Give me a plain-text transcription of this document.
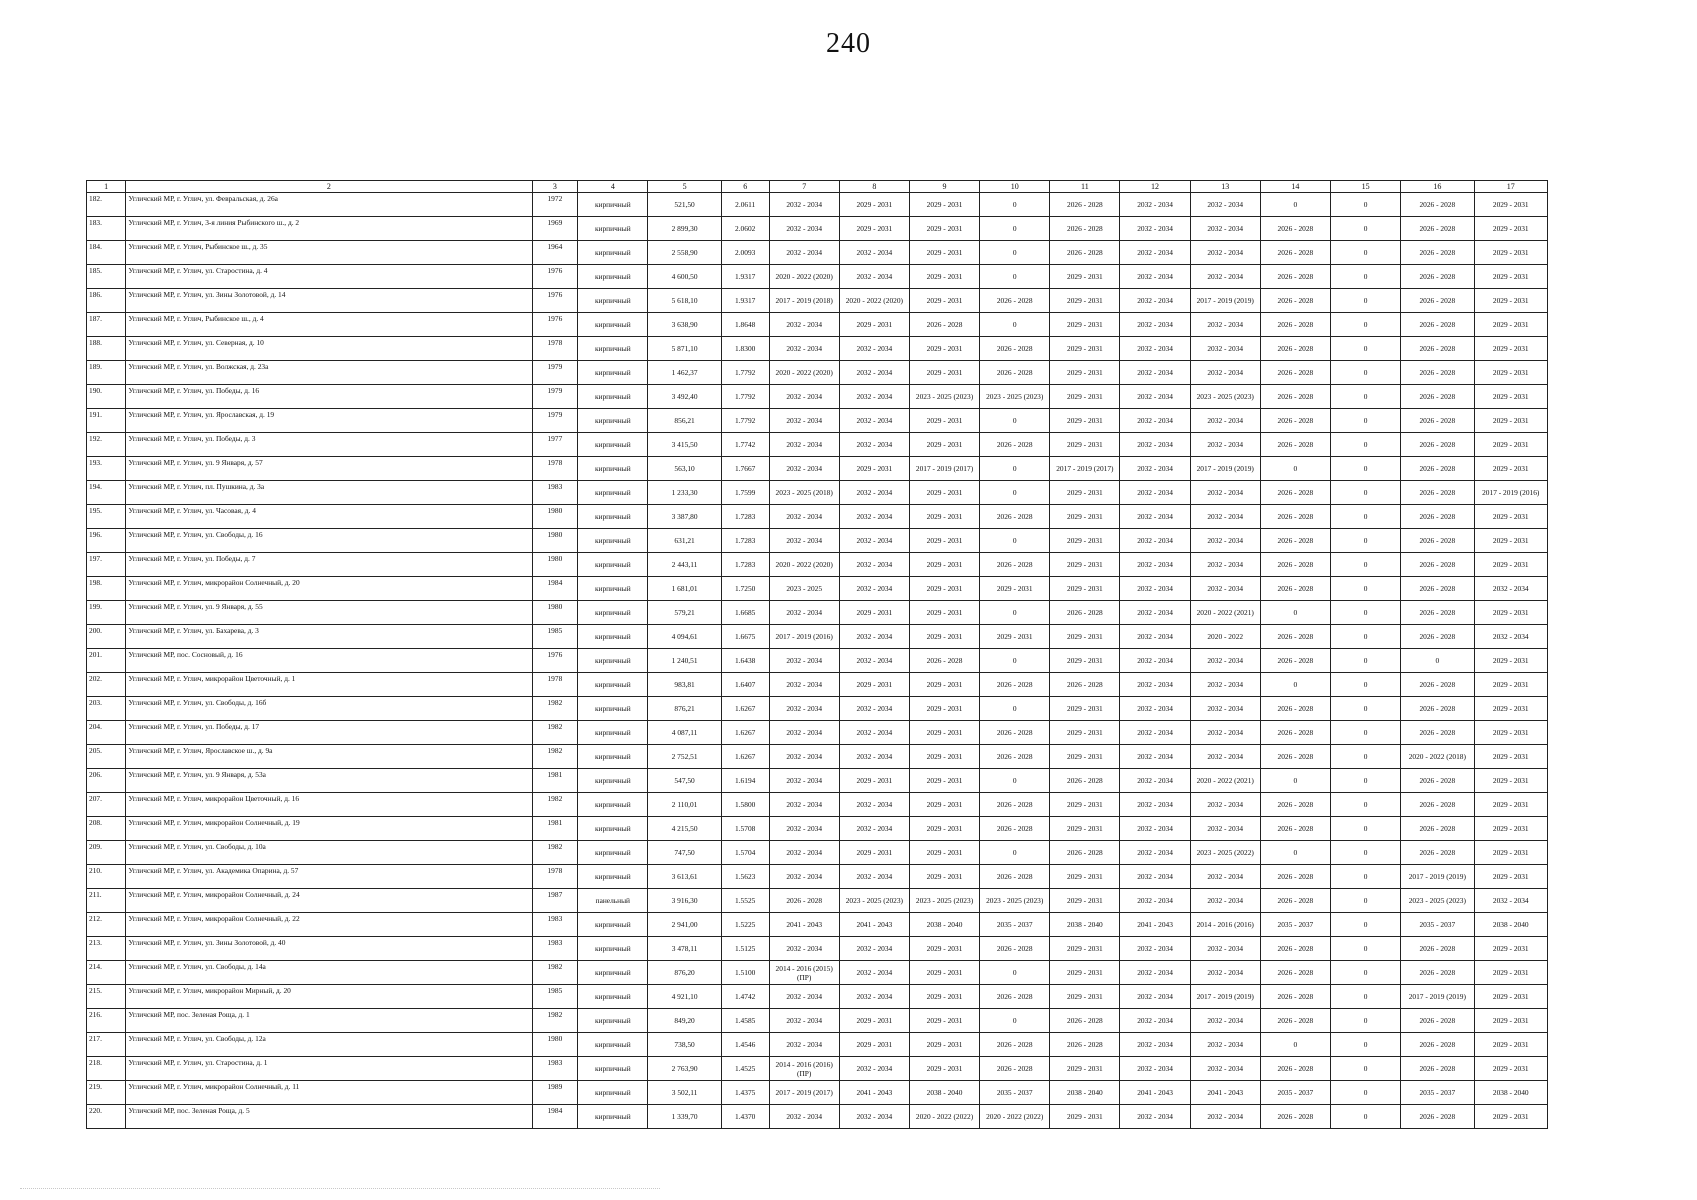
240
1	2	3	4	5	6	7	8	9	10	11	12	13	14	15	16	17
182.	Угличский МР, г. Углич, ул. Февральская, д. 26а	1972	кирпичный	521,50	2.0611	2032 - 2034	2029 - 2031	2029 - 2031	0	2026 - 2028	2032 - 2034	2032 - 2034	0	0	2026 - 2028	2029 - 2031
183.	Угличский МР, г. Углич, 3-я линия Рыбинского ш., д. 2	1969	кирпичный	2 899,30	2.0602	2032 - 2034	2029 - 2031	2029 - 2031	0	2026 - 2028	2032 - 2034	2032 - 2034	2026 - 2028	0	2026 - 2028	2029 - 2031
184.	Угличский МР, г. Углич, Рыбинское ш., д. 35	1964	кирпичный	2 558,90	2.0093	2032 - 2034	2032 - 2034	2029 - 2031	0	2026 - 2028	2032 - 2034	2032 - 2034	2026 - 2028	0	2026 - 2028	2029 - 2031
185.	Угличский МР, г. Углич, ул. Старостина, д. 4	1976	кирпичный	4 600,50	1.9317	2020 - 2022 (2020)	2032 - 2034	2029 - 2031	0	2029 - 2031	2032 - 2034	2032 - 2034	2026 - 2028	0	2026 - 2028	2029 - 2031
186.	Угличский МР, г. Углич, ул. Зины Золотовой, д. 14	1976	кирпичный	5 618,10	1.9317	2017 - 2019 (2018)	2020 - 2022 (2020)	2029 - 2031	2026 - 2028	2029 - 2031	2032 - 2034	2017 - 2019 (2019)	2026 - 2028	0	2026 - 2028	2029 - 2031
187.	Угличский МР, г. Углич, Рыбинское ш., д. 4	1976	кирпичный	3 638,90	1.8648	2032 - 2034	2029 - 2031	2026 - 2028	0	2029 - 2031	2032 - 2034	2032 - 2034	2026 - 2028	0	2026 - 2028	2029 - 2031
188.	Угличский МР, г. Углич, ул. Северная, д. 10	1978	кирпичный	5 871,10	1.8300	2032 - 2034	2032 - 2034	2029 - 2031	2026 - 2028	2029 - 2031	2032 - 2034	2032 - 2034	2026 - 2028	0	2026 - 2028	2029 - 2031
189.	Угличский МР, г. Углич, ул. Волжская, д. 23а	1979	кирпичный	1 462,37	1.7792	2020 - 2022 (2020)	2032 - 2034	2029 - 2031	2026 - 2028	2029 - 2031	2032 - 2034	2032 - 2034	2026 - 2028	0	2026 - 2028	2029 - 2031
190.	Угличский МР, г. Углич, ул. Победы, д. 16	1979	кирпичный	3 492,40	1.7792	2032 - 2034	2032 - 2034	2023 - 2025 (2023)	2023 - 2025 (2023)	2029 - 2031	2032 - 2034	2023 - 2025 (2023)	2026 - 2028	0	2026 - 2028	2029 - 2031
191.	Угличский МР, г. Углич, ул. Ярославская, д. 19	1979	кирпичный	856,21	1.7792	2032 - 2034	2032 - 2034	2029 - 2031	0	2029 - 2031	2032 - 2034	2032 - 2034	2026 - 2028	0	2026 - 2028	2029 - 2031
192.	Угличский МР, г. Углич, ул. Победы, д. 3	1977	кирпичный	3 415,50	1.7742	2032 - 2034	2032 - 2034	2029 - 2031	2026 - 2028	2029 - 2031	2032 - 2034	2032 - 2034	2026 - 2028	0	2026 - 2028	2029 - 2031
193.	Угличский МР, г. Углич, ул. 9 Января, д. 57	1978	кирпичный	563,10	1.7667	2032 - 2034	2029 - 2031	2017 - 2019 (2017)	0	2017 - 2019 (2017)	2032 - 2034	2017 - 2019 (2019)	0	0	2026 - 2028	2029 - 2031
194.	Угличский МР, г. Углич, пл. Пушкина, д. 3а	1983	кирпичный	1 233,30	1.7599	2023 - 2025 (2018)	2032 - 2034	2029 - 2031	0	2029 - 2031	2032 - 2034	2032 - 2034	2026 - 2028	0	2026 - 2028	2017 - 2019 (2016)
195.	Угличский МР, г. Углич, ул. Часовая, д. 4	1980	кирпичный	3 387,80	1.7283	2032 - 2034	2032 - 2034	2029 - 2031	2026 - 2028	2029 - 2031	2032 - 2034	2032 - 2034	2026 - 2028	0	2026 - 2028	2029 - 2031
196.	Угличский МР, г. Углич, ул. Свободы, д. 16	1980	кирпичный	631,21	1.7283	2032 - 2034	2032 - 2034	2029 - 2031	0	2029 - 2031	2032 - 2034	2032 - 2034	2026 - 2028	0	2026 - 2028	2029 - 2031
197.	Угличский МР, г. Углич, ул. Победы, д. 7	1980	кирпичный	2 443,11	1.7283	2020 - 2022 (2020)	2032 - 2034	2029 - 2031	2026 - 2028	2029 - 2031	2032 - 2034	2032 - 2034	2026 - 2028	0	2026 - 2028	2029 - 2031
198.	Угличский МР, г. Углич, микрорайон Солнечный, д. 20	1984	кирпичный	1 681,01	1.7250	2023 - 2025	2032 - 2034	2029 - 2031	2029 - 2031	2029 - 2031	2032 - 2034	2032 - 2034	2026 - 2028	0	2026 - 2028	2032 - 2034
199.	Угличский МР, г. Углич, ул. 9 Января, д. 55	1980	кирпичный	579,21	1.6685	2032 - 2034	2029 - 2031	2029 - 2031	0	2026 - 2028	2032 - 2034	2020 - 2022 (2021)	0	0	2026 - 2028	2029 - 2031
200.	Угличский МР, г. Углич, ул. Бахарева, д. 3	1985	кирпичный	4 094,61	1.6675	2017 - 2019 (2016)	2032 - 2034	2029 - 2031	2029 - 2031	2029 - 2031	2032 - 2034	2020 - 2022	2026 - 2028	0	2026 - 2028	2032 - 2034
201.	Угличский МР, пос. Сосновый, д. 16	1976	кирпичный	1 240,51	1.6438	2032 - 2034	2032 - 2034	2026 - 2028	0	2029 - 2031	2032 - 2034	2032 - 2034	2026 - 2028	0	0	2029 - 2031
202.	Угличский МР, г. Углич, микрорайон Цветочный, д. 1	1978	кирпичный	983,81	1.6407	2032 - 2034	2029 - 2031	2029 - 2031	2026 - 2028	2026 - 2028	2032 - 2034	2032 - 2034	0	0	2026 - 2028	2029 - 2031
203.	Угличский МР, г. Углич, ул. Свободы, д. 16б	1982	кирпичный	876,21	1.6267	2032 - 2034	2032 - 2034	2029 - 2031	0	2029 - 2031	2032 - 2034	2032 - 2034	2026 - 2028	0	2026 - 2028	2029 - 2031
204.	Угличский МР, г. Углич, ул. Победы, д. 17	1982	кирпичный	4 087,11	1.6267	2032 - 2034	2032 - 2034	2029 - 2031	2026 - 2028	2029 - 2031	2032 - 2034	2032 - 2034	2026 - 2028	0	2026 - 2028	2029 - 2031
205.	Угличский МР, г. Углич, Ярославское ш., д. 9а	1982	кирпичный	2 752,51	1.6267	2032 - 2034	2032 - 2034	2029 - 2031	2026 - 2028	2029 - 2031	2032 - 2034	2032 - 2034	2026 - 2028	0	2020 - 2022 (2018)	2029 - 2031
206.	Угличский МР, г. Углич, ул. 9 Января, д. 53а	1981	кирпичный	547,50	1.6194	2032 - 2034	2029 - 2031	2029 - 2031	0	2026 - 2028	2032 - 2034	2020 - 2022 (2021)	0	0	2026 - 2028	2029 - 2031
207.	Угличский МР, г. Углич, микрорайон Цветочный, д. 16	1982	кирпичный	2 110,01	1.5800	2032 - 2034	2032 - 2034	2029 - 2031	2026 - 2028	2029 - 2031	2032 - 2034	2032 - 2034	2026 - 2028	0	2026 - 2028	2029 - 2031
208.	Угличский МР, г. Углич, микрорайон Солнечный, д. 19	1981	кирпичный	4 215,50	1.5708	2032 - 2034	2032 - 2034	2029 - 2031	2026 - 2028	2029 - 2031	2032 - 2034	2032 - 2034	2026 - 2028	0	2026 - 2028	2029 - 2031
209.	Угличский МР, г. Углич, ул. Свободы, д. 10а	1982	кирпичный	747,50	1.5704	2032 - 2034	2029 - 2031	2029 - 2031	0	2026 - 2028	2032 - 2034	2023 - 2025 (2022)	0	0	2026 - 2028	2029 - 2031
210.	Угличский МР, г. Углич, ул. Академика Опарина, д. 57	1978	кирпичный	3 613,61	1.5623	2032 - 2034	2032 - 2034	2029 - 2031	2026 - 2028	2029 - 2031	2032 - 2034	2032 - 2034	2026 - 2028	0	2017 - 2019 (2019)	2029 - 2031
211.	Угличский МР, г. Углич, микрорайон Солнечный, д. 24	1987	панельный	3 916,30	1.5525	2026 - 2028	2023 - 2025 (2023)	2023 - 2025 (2023)	2023 - 2025 (2023)	2029 - 2031	2032 - 2034	2032 - 2034	2026 - 2028	0	2023 - 2025 (2023)	2032 - 2034
212.	Угличский МР, г. Углич, микрорайон Солнечный, д. 22	1983	кирпичный	2 941,00	1.5225	2041 - 2043	2041 - 2043	2038 - 2040	2035 - 2037	2038 - 2040	2041 - 2043	2014 - 2016 (2016)	2035 - 2037	0	2035 - 2037	2038 - 2040
213.	Угличский МР, г. Углич, ул. Зины Золотовой, д. 40	1983	кирпичный	3 478,11	1.5125	2032 - 2034	2032 - 2034	2029 - 2031	2026 - 2028	2029 - 2031	2032 - 2034	2032 - 2034	2026 - 2028	0	2026 - 2028	2029 - 2031
214.	Угличский МР, г. Углич, ул. Свободы, д. 14а	1982	кирпичный	876,20	1.5100	2014 - 2016 (2015) (ПР)	2032 - 2034	2029 - 2031	0	2029 - 2031	2032 - 2034	2032 - 2034	2026 - 2028	0	2026 - 2028	2029 - 2031
215.	Угличский МР, г. Углич, микрорайон Мирный, д. 20	1985	кирпичный	4 921,10	1.4742	2032 - 2034	2032 - 2034	2029 - 2031	2026 - 2028	2029 - 2031	2032 - 2034	2017 - 2019 (2019)	2026 - 2028	0	2017 - 2019 (2019)	2029 - 2031
216.	Угличский МР, пос. Зеленая Роща, д. 1	1982	кирпичный	849,20	1.4585	2032 - 2034	2029 - 2031	2029 - 2031	0	2026 - 2028	2032 - 2034	2032 - 2034	2026 - 2028	0	2026 - 2028	2029 - 2031
217.	Угличский МР, г. Углич, ул. Свободы, д. 12а	1980	кирпичный	738,50	1.4546	2032 - 2034	2029 - 2031	2029 - 2031	2026 - 2028	2026 - 2028	2032 - 2034	2032 - 2034	0	0	2026 - 2028	2029 - 2031
218.	Угличский МР, г. Углич, ул. Старостина, д. 1	1983	кирпичный	2 763,90	1.4525	2014 - 2016 (2016) (ПР)	2032 - 2034	2029 - 2031	2026 - 2028	2029 - 2031	2032 - 2034	2032 - 2034	2026 - 2028	0	2026 - 2028	2029 - 2031
219.	Угличский МР, г. Углич, микрорайон Солнечный, д. 11	1989	кирпичный	3 502,11	1.4375	2017 - 2019 (2017)	2041 - 2043	2038 - 2040	2035 - 2037	2038 - 2040	2041 - 2043	2041 - 2043	2035 - 2037	0	2035 - 2037	2038 - 2040
220.	Угличский МР, пос. Зеленая Роща, д. 5	1984	кирпичный	1 339,70	1.4370	2032 - 2034	2032 - 2034	2020 - 2022 (2022)	2020 - 2022 (2022)	2029 - 2031	2032 - 2034	2032 - 2034	2026 - 2028	0	2026 - 2028	2029 - 2031
